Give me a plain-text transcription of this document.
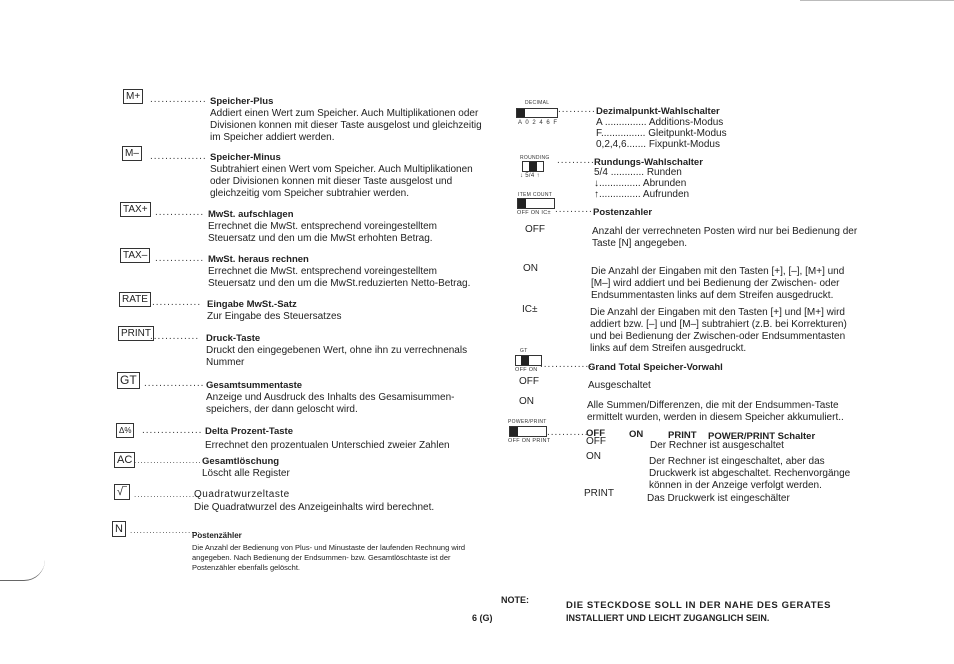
M+ ............... Speicher-Plus
Addiert einen Wert zum Speicher. Auch Multiplikationen oder Divisionen konnen mit dieser Taste ausgelost und gleichzeitig im Speicher addiert werden.
M–	............... Speicher-Minus
Subtrahiert einen Wert vom Speicher. Auch Multiplikationen oder Divisionen konnen mit dieser Taste ausgelost und gleichzeitig vom Speicher subtrahier werden.
TAX+ ............. MwSt. aufschlagen
Errechnet die MwSt. entsprechend voreingestelltem Steuersatz und den um die MwSt erhohten Betrag.
TAX– ............. MwSt. heraus rechnen
Errechnet die MwSt. entsprechend voreingestelltem Steuersatz und den um die MwSt.reduzierten Netto-Betrag.
RATE ............. Eingabe MwSt.-Satz
Zur Eingabe des Steuersatzes
PRINT ............. Druck-Taste
Druckt den eingegebenen Wert, ohne ihn zu verrechnenals Nummer
GT ................ Gesamtsummentaste
Anzeige und Ausdruck des Inhalts des Gesamisummen-speichers, der dann geloscht wird.
Δ%	................ Delta Prozent-Taste
Errechnet den prozentualen Unterschied zweier Zahlen
AC ..................... Gesamtlöschung
Löscht alle Register
√‾ .....................
Quadratwurzeltaste
Die Quadratwurzel des Anzeigeinhalts wird berechnet.
N ......................
Postenzähler
Die Anzahl der Bedienung von Plus- und Minustaste der laufenden Rechnung wird angegeben. Nach Bedienung der Endsummen- bzw. Gesamtlöschtaste ist der Postenzähler ebenfalls gelöscht.
DECIMAL
A 0 2 4 6 F
.......... Dezimalpunkt-Wahlschalter
A ............... Additions-Modus
F................ Gleitpunkt-Modus
0,2,4,6....... Fixpunkt-Modus
ROUNDING
↓ 5/4 ↑
.......... Rundungs-Wahlschalter
5/4 ............ Runden
↓............... Abrunden
↑............... Aufrunden
ITEM COUNT
OFF ON IC± .......... Postenzahler
OFF	Anzahl der verrechneten Posten wird nur bei Bedienung der Taste [N] angegeben.
ON	Die Anzahl der Eingaben mit den Tasten [+], [–], [M+] und [M–] wird addiert und bei Bedienung der Zwischen- oder Endsummentasten links auf dem Streifen ausgedruckt.
IC±	Die Anzahl der Eingaben mit den Tasten [+] und [M+] wird addiert bzw. [–] und [M–] subtrahiert (z.B. bei Korrekturen) und bei Bedienung der Zwischen-oder Endsummentasten links auf dem Streifen ausgedruckt.
GT
OFF ON ..............
Grand Total Speicher-Vorwahl
OFF	Ausgeschaltet
ON	Alle Summen/Differenzen, die mit der Endsummen-Taste ermittelt wurden, werden in diesem Speicher akkumuliert..
POWER/PRINT
OFF ON PRINT
...........
OFF	ON	PRINT POWER/PRINT Schalter
OFF	Der Rechner ist ausgeschaltet
ON	Der Rechner ist eingeschaltet, aber das Druckwerk ist abgeschaltet. Rechenvorgänge können in der Anzeige verfolgt werden.
PRINT	Das Druckwerk ist eingeschälter
NOTE:	DIE STECKDOSE SOLL IN DER NAHE DES GERATES
INSTALLIERT UND LEICHT ZUGANGLICH SEIN.
6 (G)
